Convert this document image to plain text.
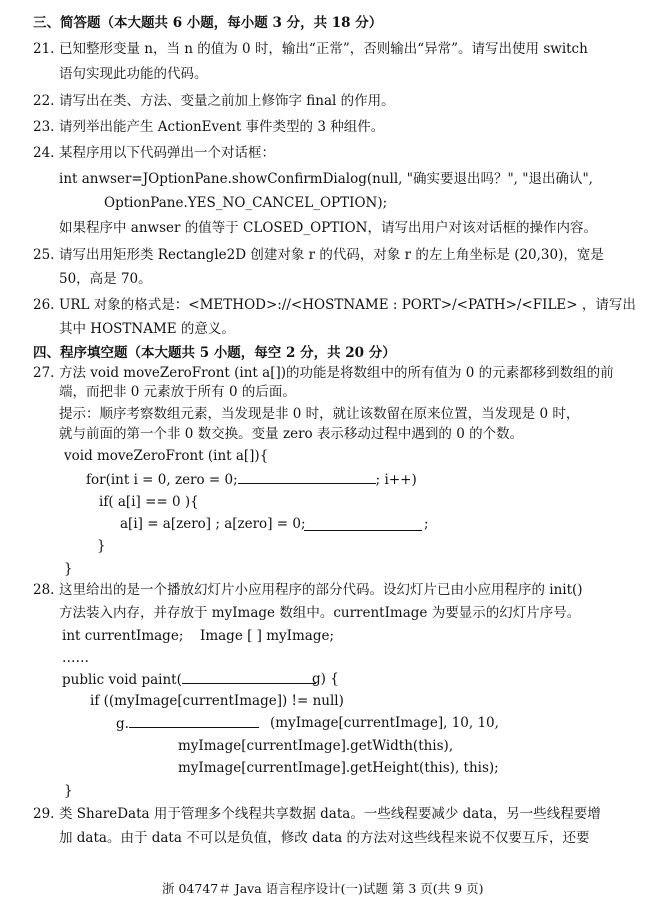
三、简答题（本大题共 6 小题，每小题 3 分，共 18 分）
21. 已知整形变量 n，当 n 的值为 0 时，输出“正常”，否则输出“异常”。请写出使用 switch
语句实现此功能的代码。
22. 请写出在类、方法、变量之前加上修饰字 final 的作用。
23. 请列举出能产生 ActionEvent 事件类型的 3 种组件。
24. 某程序用以下代码弹出一个对话框：
int anwser=JOptionPane.showConfirmDialog(null, "确实要退出吗？", "退出确认",
OptionPane.YES_NO_CANCEL_OPTION);
如果程序中 anwser 的值等于 CLOSED_OPTION，请写出用户对该对话框的操作内容。
25. 请写出用矩形类 Rectangle2D 创建对象 r 的代码，对象 r 的左上角坐标是 (20,30)，宽是
50，高是 70。
26. URL 对象的格式是：<METHOD>://<HOSTNAME : PORT>/<PATH>/<FILE> ，请写出
其中 HOSTNAME 的意义。
四、程序填空题（本大题共 5 小题，每空 2 分，共 20 分）
27. 方法 void moveZeroFront (int a[])的功能是将数组中的所有值为 0 的元素都移到数组的前
端，而把非 0 元素放于所有 0 的后面。
提示：顺序考察数组元素，当发现是非 0 时，就让该数留在原来位置，当发现是 0 时，
就与前面的第一个非 0 数交换。变量 zero 表示移动过程中遇到的 0 的个数。
void moveZeroFront (int a[]){
for(int i = 0, zero = 0;	; i++)
if( a[i] == 0 ){
a[i] = a[zero] ; a[zero] = 0;	;
}
}
28. 这里给出的是一个播放幻灯片小应用程序的部分代码。设幻灯片已由小应用程序的 init()
方法装入内存，并存放于 myImage 数组中。currentImage 为要显示的幻灯片序号。
int currentImage; Image [ ] myImage;
……
public void paint(	g) {
if ((myImage[currentImage]) != null)
g.	(myImage[currentImage], 10, 10,
myImage[currentImage].getWidth(this),
myImage[currentImage].getHeight(this), this);
}
29. 类 ShareData 用于管理多个线程共享数据 data。一些线程要减少 data，另一些线程要增
加 data。由于 data 不可以是负值，修改 data 的方法对这些线程来说不仅要互斥，还要
浙 04747＃ Java 语言程序设计(一)试题 第 3 页(共 9 页)
